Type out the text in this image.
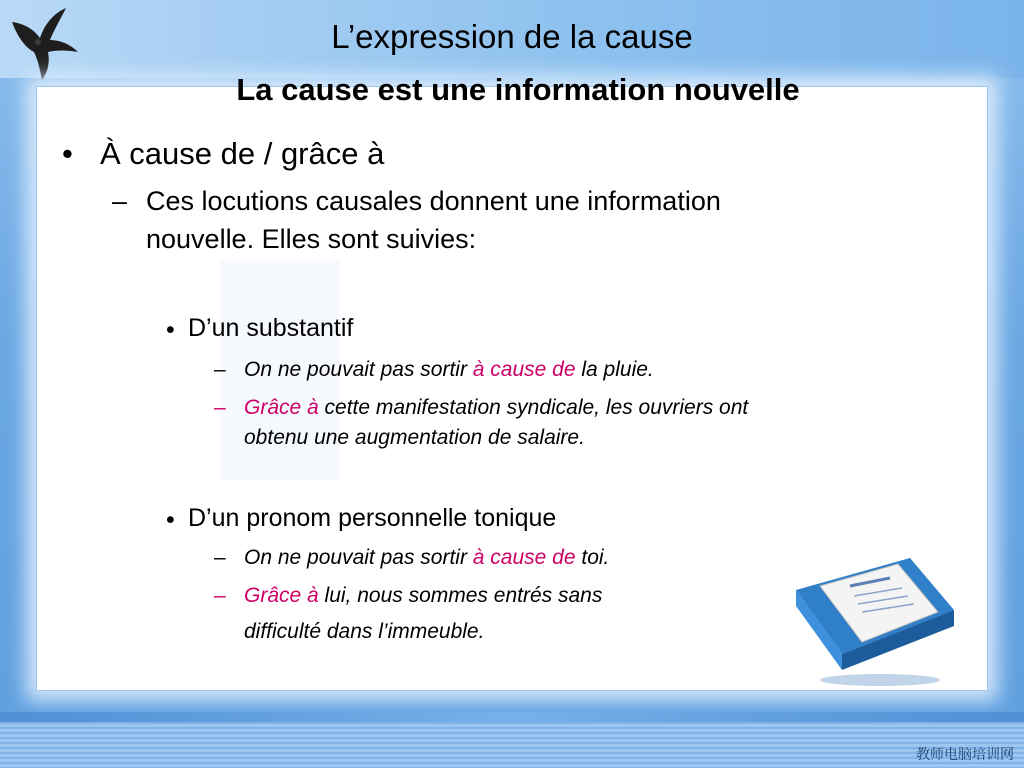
L’expression de la cause
La cause est une information nouvelle
• À cause de / grâce à
– Ces locutions causales donnent une information
nouvelle. Elles sont suivies:
• D’un substantif
– On ne pouvait pas sortir à cause de la pluie.
– Grâce à cette manifestation syndicale, les ouvriers ont
obtenu une augmentation de salaire.
• D’un pronom personnelle tonique
– On ne pouvait pas sortir à cause de toi.
– Grâce à lui, nous sommes entrés sans
difficulté dans l’immeuble.
教师电脑培训网
